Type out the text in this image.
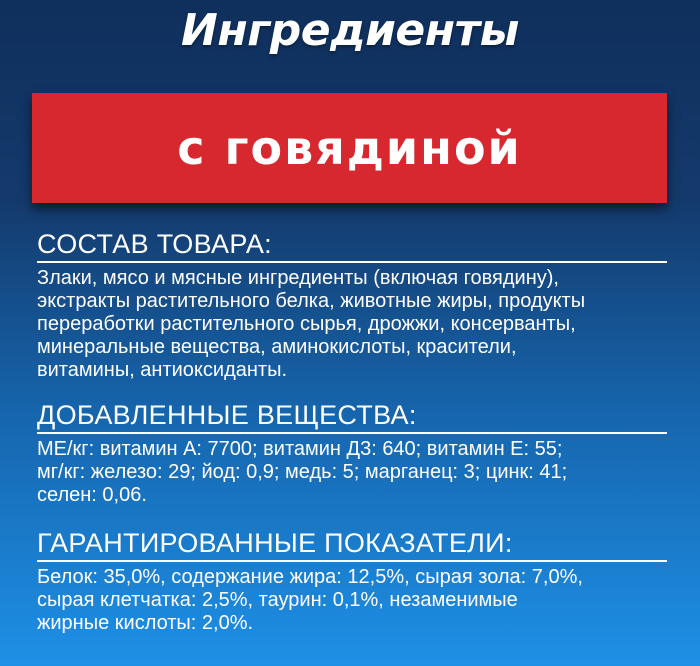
Ингредиенты
с говядиной
СОСТАВ ТОВАРА:
Злаки, мясо и мясные ингредиенты (включая говядину),
экстракты растительного белка, животные жиры, продукты
переработки растительного сырья, дрожжи, консерванты,
минеральные вещества, аминокислоты, красители,
витамины, антиоксиданты.
ДОБАВЛЕННЫЕ ВЕЩЕСТВА:
МЕ/кг: витамин А: 7700; витамин Д3: 640; витамин Е: 55;
мг/кг: железо: 29; йод: 0,9; медь: 5; марганец: 3; цинк: 41;
селен: 0,06.
ГАРАНТИРОВАННЫЕ ПОКАЗАТЕЛИ:
Белок: 35,0%, содержание жира: 12,5%, сырая зола: 7,0%,
сырая клетчатка: 2,5%, таурин: 0,1%, незаменимые
жирные кислоты: 2,0%.
